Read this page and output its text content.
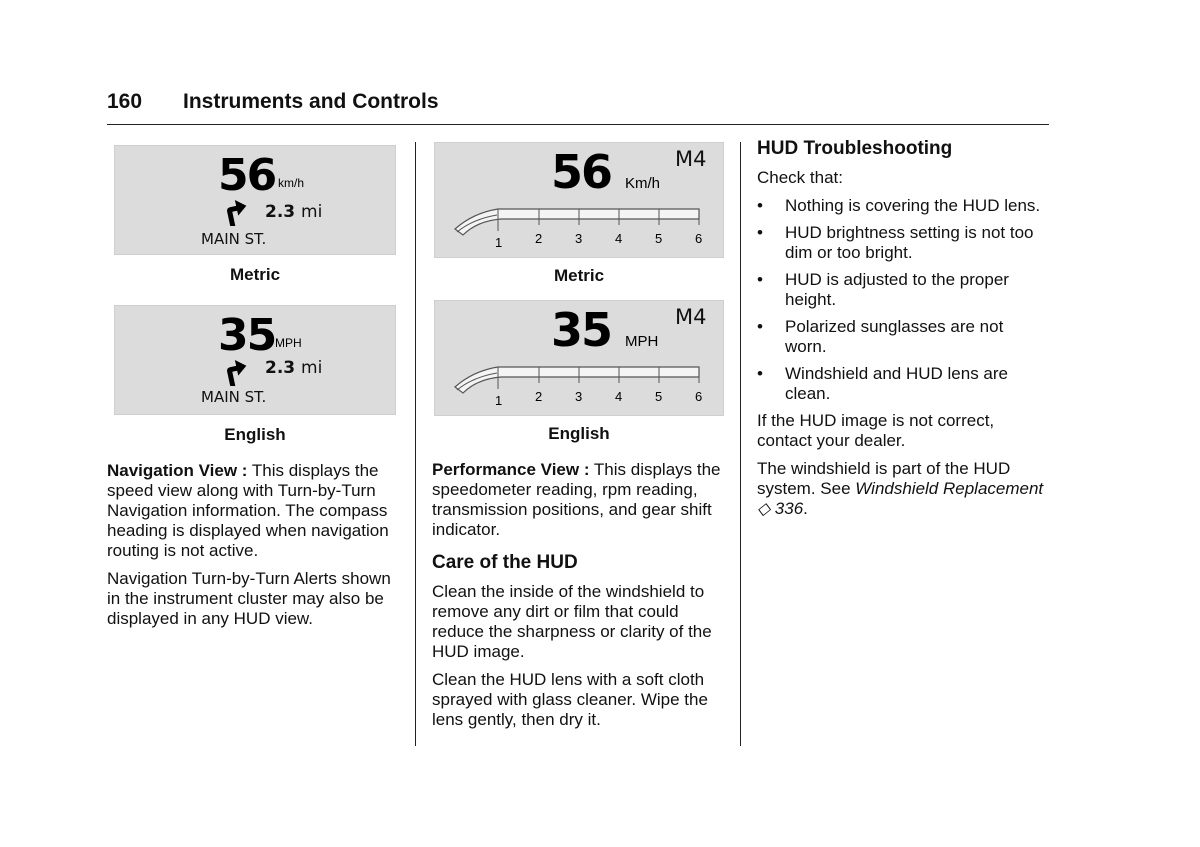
160 Instruments and Controls
56 km/h
2.3 mi
MAIN ST.
Metric
35 MPH
2.3 mi
MAIN ST.
English

Navigation View : This displays the speed view along with Turn-by-Turn Navigation information. The compass heading is displayed when navigation routing is not active.

Navigation Turn-by-Turn Alerts shown in the instrument cluster may also be displayed in any HUD view.

56 Km/h
M4
1	2	3	4	5	6
Metric
35 MPH
M4
1	2	3	4	5	6
English

Performance View : This displays the speedometer reading, rpm reading, transmission positions, and gear shift indicator.

Care of the HUD

Clean the inside of the windshield to remove any dirt or film that could reduce the sharpness or clarity of the HUD image.

Clean the HUD lens with a soft cloth sprayed with glass cleaner. Wipe the lens gently, then dry it.

HUD Troubleshooting

Check that:

• Nothing is covering the HUD lens.
• HUD brightness setting is not too dim or too bright.
• HUD is adjusted to the proper height.
• Polarized sunglasses are not worn.
• Windshield and HUD lens are clean.

If the HUD image is not correct, contact your dealer.

The windshield is part of the HUD system. See Windshield Replacement ◇ 336.
